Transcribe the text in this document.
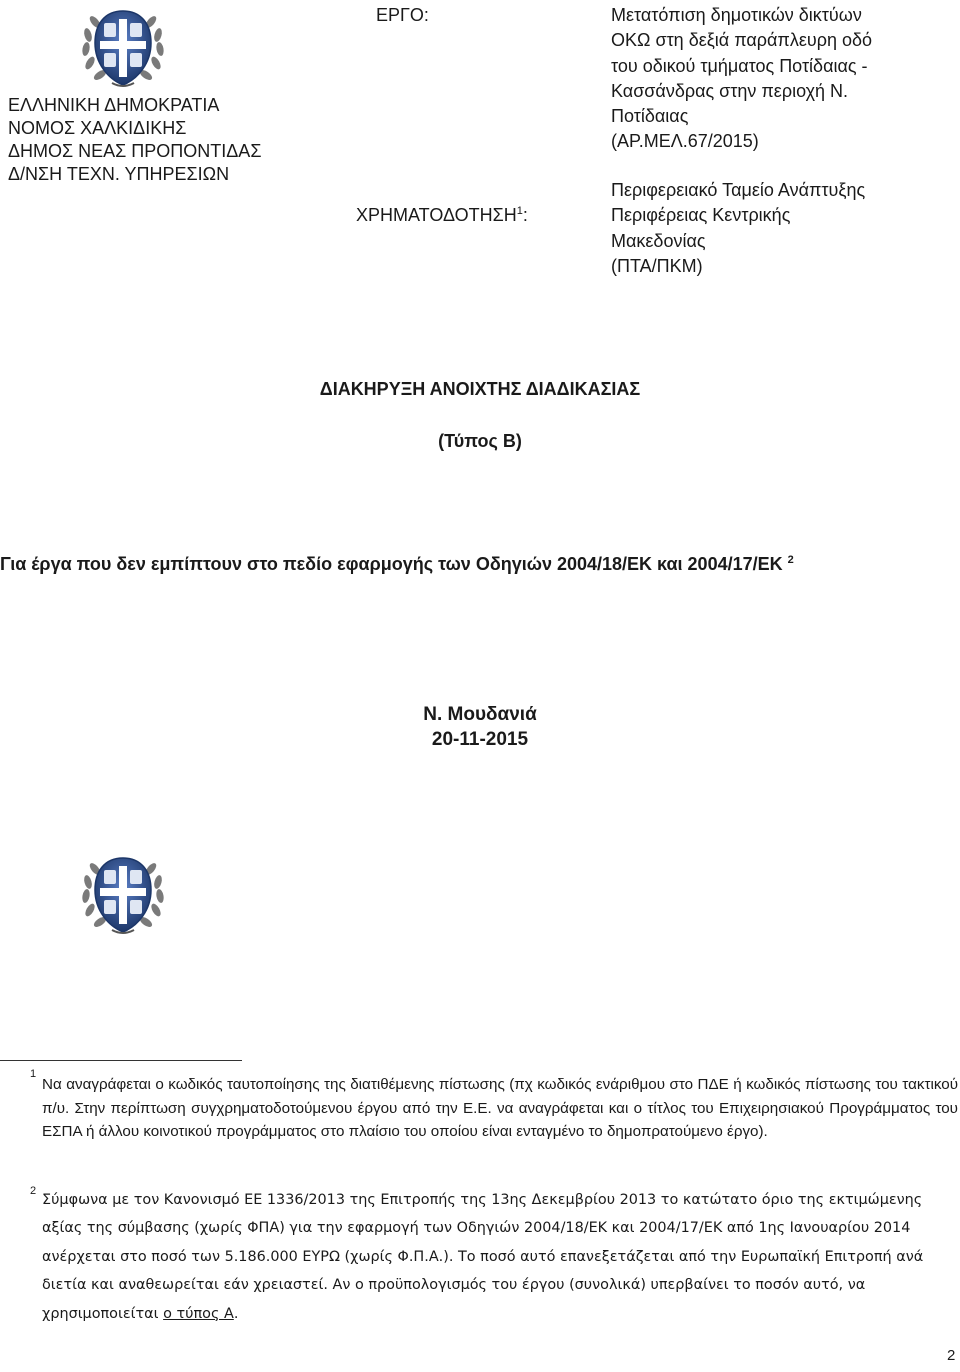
ΕΛΛΗΝΙΚΗ ΔΗΜΟΚΡΑΤΙΑ
ΝΟΜΟΣ ΧΑΛΚΙΔΙΚΗΣ
ΔΗΜΟΣ ΝΕΑΣ ΠΡΟΠΟΝΤΙΔΑΣ
Δ/ΝΣΗ ΤΕΧΝ. ΥΠΗΡΕΣΙΩΝ
ΕΡΓΟ:	Μετατόπιση δημοτικών δικτύων
ΟΚΩ στη δεξιά παράπλευρη οδό
του οδικού τμήματος Ποτίδαιας -
Κασσάνδρας στην περιοχή Ν.
Ποτίδαιας
(ΑΡ.ΜΕΛ.67/2015)
ΧΡΗΜΑΤΟΔΟΤΗΣΗ$^1$:
Περιφερειακό Ταμείο Ανάπτυξης
Περιφέρειας Κεντρικής
Μακεδονίας
(ΠΤΑ/ΠΚΜ)
ΔΙΑΚΗΡΥΞΗ ΑΝΟΙΧΤΗΣ ΔΙΑΔΙΚΑΣΙΑΣ
(Τύπος Β)
Για έργα που δεν εμπίπτουν στο πεδίο εφαρμογής των Οδηγιών 2004/18/ΕΚ και 2004/17/ΕΚ $^2$
Ν. Μουδανιά
20-11-2015
1
Να αναγράφεται ο κωδικός ταυτοποίησης της διατιθέμενης πίστωσης (πχ κωδικός ενάριθμου στο ΠΔΕ ή κωδικός πίστωσης του τακτικού π/υ. Στην περίπτωση συγχρηματοδοτούμενου έργου από την Ε.Ε. να αναγράφεται και ο τίτλος του Επιχειρησιακού Προγράμματος του ΕΣΠΑ ή άλλου κοινοτικού προγράμματος στο πλαίσιο του οποίου είναι ενταγμένο το δημοπρατούμενο έργο).
2
Σύμφωνα με τον Κανονισμό ΕΕ 1336/2013 της Επιτροπής της 13ης Δεκεμβρίου 2013 το κατώτατο όριο της εκτιμώμενης αξίας της σύμβασης (χωρίς ΦΠΑ) για την εφαρμογή των Οδηγιών 2004/18/ΕΚ και 2004/17/ΕΚ από 1ης Ιανουαρίου 2014 ανέρχεται στο ποσό των 5.186.000 ΕΥΡΩ (χωρίς Φ.Π.Α.). Το ποσό αυτό επανεξετάζεται από την Ευρωπαϊκή Επιτροπή ανά διετία και αναθεωρείται εάν χρειαστεί. Αν ο προϋπολογισμός του έργου (συνολικά) υπερβαίνει το ποσόν αυτό, να χρησιμοποιείται ο τύπος Α.
2
